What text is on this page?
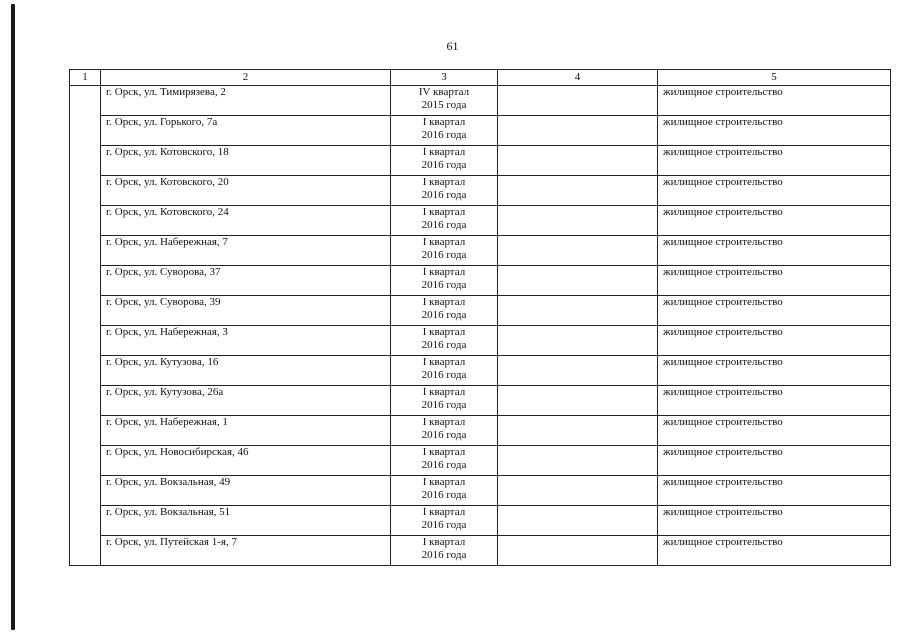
61
1	2	3	4	5
	г. Орск, ул. Тимирязева, 2	IV квартал
2015 года		жилищное строительство
	г. Орск, ул. Горького, 7а	I квартал
2016 года		жилищное строительство
	г. Орск, ул. Котовского, 18	I квартал
2016 года		жилищное строительство
	г. Орск, ул. Котовского, 20	I квартал
2016 года		жилищное строительство
	г. Орск, ул. Котовского, 24	I квартал
2016 года		жилищное строительство
	г. Орск, ул. Набережная, 7	I квартал
2016 года		жилищное строительство
	г. Орск, ул. Суворова, 37	I квартал
2016 года		жилищное строительство
	г. Орск, ул. Суворова, 39	I квартал
2016 года		жилищное строительство
	г. Орск, ул. Набережная, 3	I квартал
2016 года		жилищное строительство
	г. Орск, ул. Кутузова, 16	I квартал
2016 года		жилищное строительство
	г. Орск, ул. Кутузова, 26а	I квартал
2016 года		жилищное строительство
	г. Орск, ул. Набережная, 1	I квартал
2016 года		жилищное строительство
	г. Орск, ул. Новосибирская, 46	I квартал
2016 года		жилищное строительство
	г. Орск, ул. Вокзальная, 49	I квартал
2016 года		жилищное строительство
	г. Орск, ул. Вокзальная, 51	I квартал
2016 года		жилищное строительство
	г. Орск, ул. Путейская 1-я, 7	I квартал
2016 года		жилищное строительство
